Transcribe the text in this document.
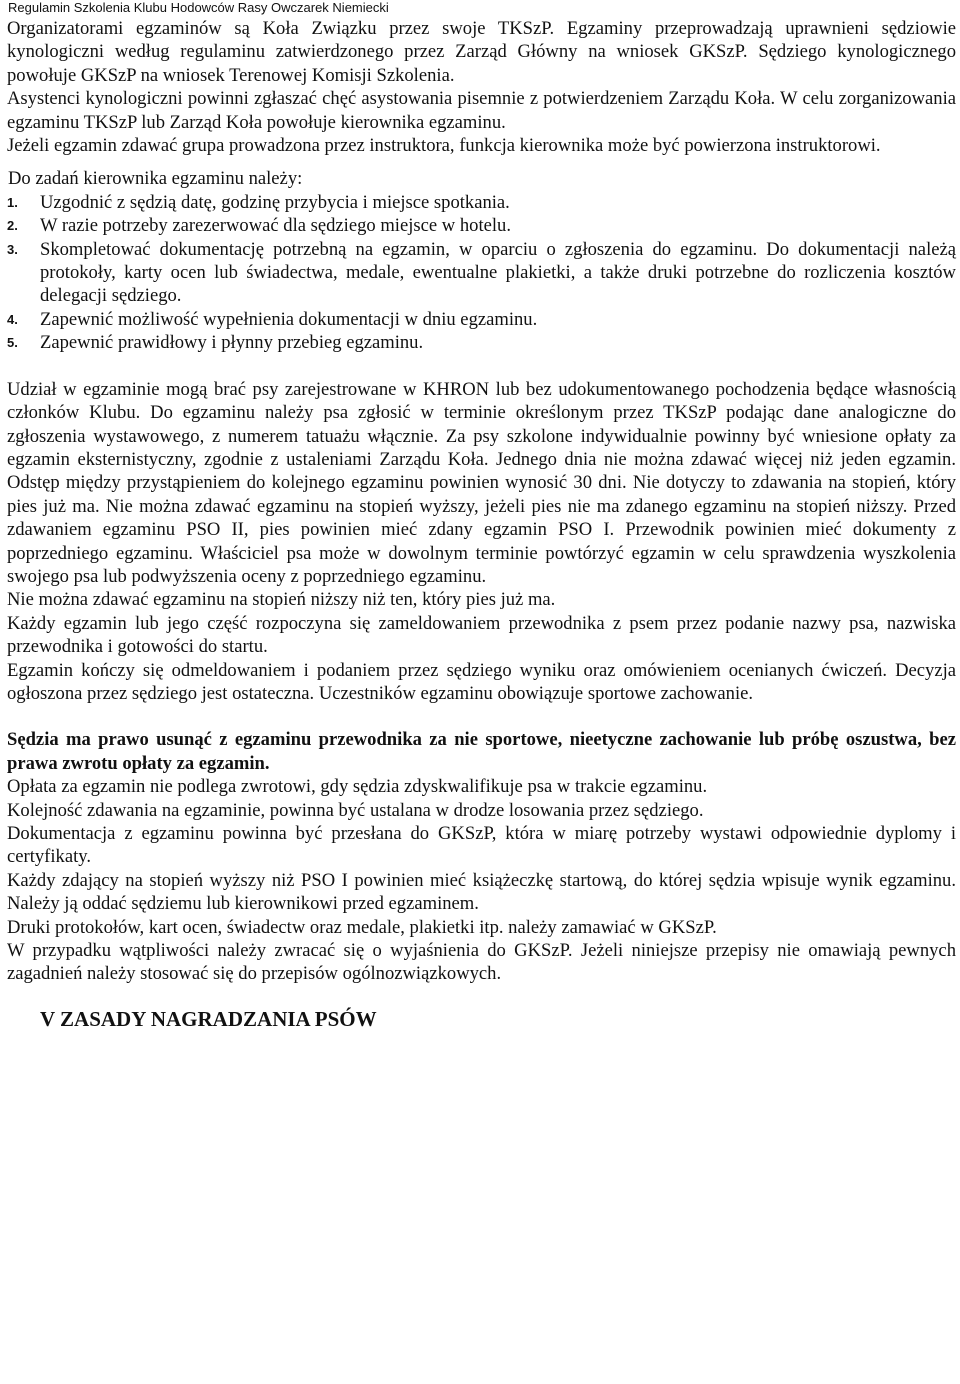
Regulamin Szkolenia Klubu Hodowców Rasy Owczarek Niemiecki

Organizatorami egzaminów są Koła Związku przez swoje TKSzP. Egzaminy przeprowadzają uprawnieni sędziowie kynologiczni według regulaminu zatwierdzonego przez Zarząd Główny na wniosek GKSzP. Sędziego kynologicznego powołuje GKSzP na wniosek Terenowej Komisji Szkolenia.

Asystenci kynologiczni powinni zgłaszać chęć asystowania pisemnie z potwierdzeniem Zarządu Koła. W celu zorganizowania egzaminu TKSzP lub Zarząd Koła powołuje kierownika egzaminu.

Jeżeli egzamin zdawać grupa prowadzona przez instruktora, funkcja kierownika może być powierzona instruktorowi.

Do zadań kierownika egzaminu należy:

1. Uzgodnić z sędzią datę, godzinę przybycia i miejsce spotkania.
2. W razie potrzeby zarezerwować dla sędziego miejsce w hotelu.
3. Skompletować dokumentację potrzebną na egzamin, w oparciu o zgłoszenia do egzaminu. Do dokumentacji należą protokoły, karty ocen lub świadectwa, medale, ewentualne plakietki, a także druki potrzebne do rozliczenia kosztów delegacji sędziego.
4. Zapewnić możliwość wypełnienia dokumentacji w dniu egzaminu.
5. Zapewnić prawidłowy i płynny przebieg egzaminu.

Udział w egzaminie mogą brać psy zarejestrowane w KHRON lub bez udokumentowanego pochodzenia będące własnością członków Klubu. Do egzaminu należy psa zgłosić w terminie określonym przez TKSzP podając dane analogiczne do zgłoszenia wystawowego, z numerem tatuażu włącznie. Za psy szkolone indywidualnie powinny być wniesione opłaty za egzamin eksternistyczny, zgodnie z ustaleniami Zarządu Koła. Jednego dnia nie można zdawać więcej niż jeden egzamin. Odstęp między przystąpieniem do kolejnego egzaminu powinien wynosić 30 dni. Nie dotyczy to zdawania na stopień, który pies już ma. Nie można zdawać egzaminu na stopień wyższy, jeżeli pies nie ma zdanego egzaminu na stopień niższy. Przed zdawaniem egzaminu PSO II, pies powinien mieć zdany egzamin PSO I. Przewodnik powinien mieć dokumenty z poprzedniego egzaminu. Właściciel psa może w dowolnym terminie powtórzyć egzamin w celu sprawdzenia wyszkolenia swojego psa lub podwyższenia oceny z poprzedniego egzaminu.

Nie można zdawać egzaminu na stopień niższy niż ten, który pies już ma.

Każdy egzamin lub jego część rozpoczyna się zameldowaniem przewodnika z psem przez podanie nazwy psa, nazwiska przewodnika i gotowości do startu.

Egzamin kończy się odmeldowaniem i podaniem przez sędziego wyniku oraz omówieniem ocenianych ćwiczeń. Decyzja ogłoszona przez sędziego jest ostateczna. Uczestników egzaminu obowiązuje sportowe zachowanie.

Sędzia ma prawo usunąć z egzaminu przewodnika za nie sportowe, nieetyczne zachowanie lub próbę oszustwa, bez prawa zwrotu opłaty za egzamin.

Opłata za egzamin nie podlega zwrotowi, gdy sędzia zdyskwalifikuje psa w trakcie egzaminu.

Kolejność zdawania na egzaminie, powinna być ustalana w drodze losowania przez sędziego.

Dokumentacja z egzaminu powinna być przesłana do GKSzP, która w miarę potrzeby wystawi odpowiednie dyplomy i certyfikaty.

Każdy zdający na stopień wyższy niż PSO I powinien mieć książeczkę startową, do której sędzia wpisuje wynik egzaminu. Należy ją oddać sędziemu lub kierownikowi przed egzaminem.

Druki protokołów, kart ocen, świadectw oraz medale, plakietki itp. należy zamawiać w GKSzP.

W przypadku wątpliwości należy zwracać się o wyjaśnienia do GKSzP. Jeżeli niniejsze przepisy nie omawiają pewnych zagadnień należy stosować się do przepisów ogólnozwiązkowych.

V ZASADY NAGRADZANIA PSÓW
